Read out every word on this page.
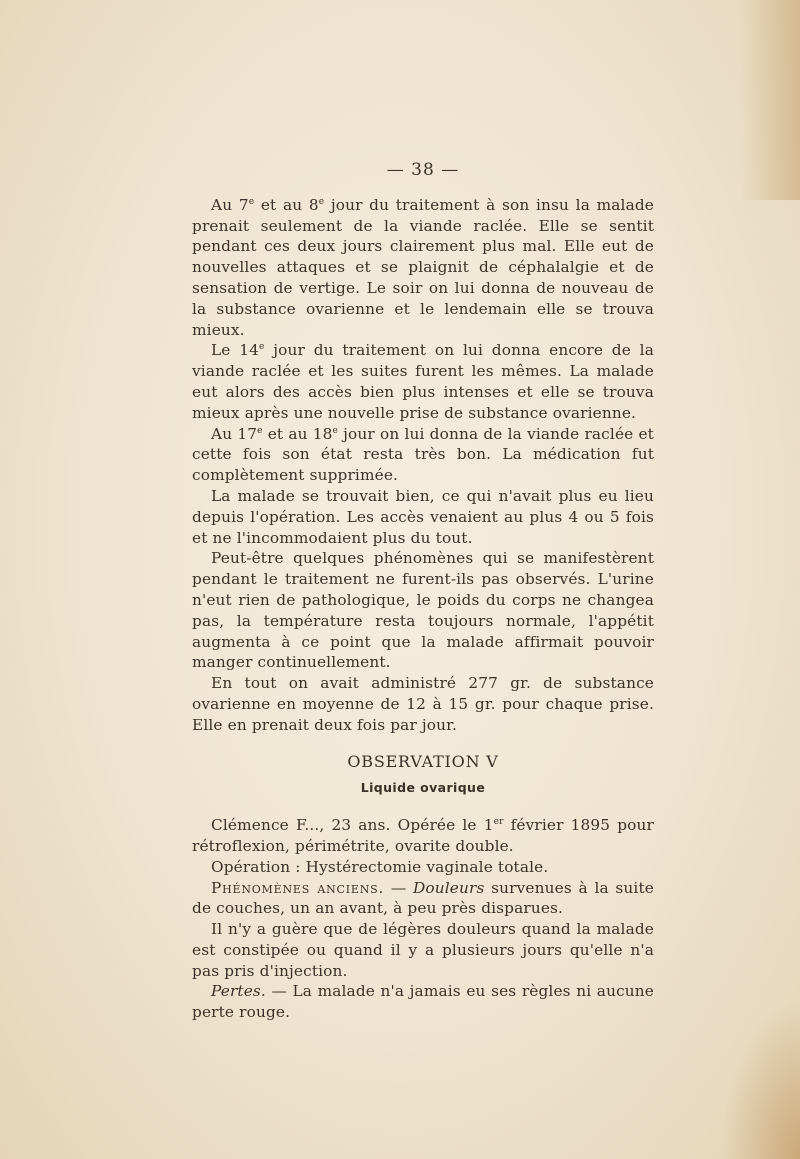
— 38 —

Au 7e et au 8e jour du traitement à son insu la malade prenait seulement de la viande raclée. Elle se sentit pendant ces deux jours clairement plus mal. Elle eut de nouvelles attaques et se plaignit de céphalalgie et de sensation de vertige. Le soir on lui donna de nouveau de la substance ovarienne et le lendemain elle se trouva mieux.

Le 14e jour du traitement on lui donna encore de la viande raclée et les suites furent les mêmes. La malade eut alors des accès bien plus intenses et elle se trouva mieux après une nouvelle prise de substance ovarienne.

Au 17e et au 18e jour on lui donna de la viande raclée et cette fois son état resta très bon. La médication fut complètement supprimée.

La malade se trouvait bien, ce qui n'avait plus eu lieu depuis l'opération. Les accès venaient au plus 4 ou 5 fois et ne l'incommodaient plus du tout.

Peut-être quelques phénomènes qui se manifestèrent pendant le traitement ne furent-ils pas observés. L'urine n'eut rien de pathologique, le poids du corps ne changea pas, la température resta toujours normale, l'appétit augmenta à ce point que la malade affirmait pouvoir manger continuellement.

En tout on avait administré 277 gr. de substance ovarienne en moyenne de 12 à 15 gr. pour chaque prise. Elle en prenait deux fois par jour.

OBSERVATION V
Liquide ovarique

Clémence F..., 23 ans. Opérée le 1er février 1895 pour rétroflexion, périmétrite, ovarite double.

Opération : Hystérectomie vaginale totale.

Phénomènes anciens. — Douleurs survenues à la suite de couches, un an avant, à peu près disparues.

Il n'y a guère que de légères douleurs quand la malade est constipée ou quand il y a plusieurs jours qu'elle n'a pas pris d'injection.

Pertes. — La malade n'a jamais eu ses règles ni aucune perte rouge.
